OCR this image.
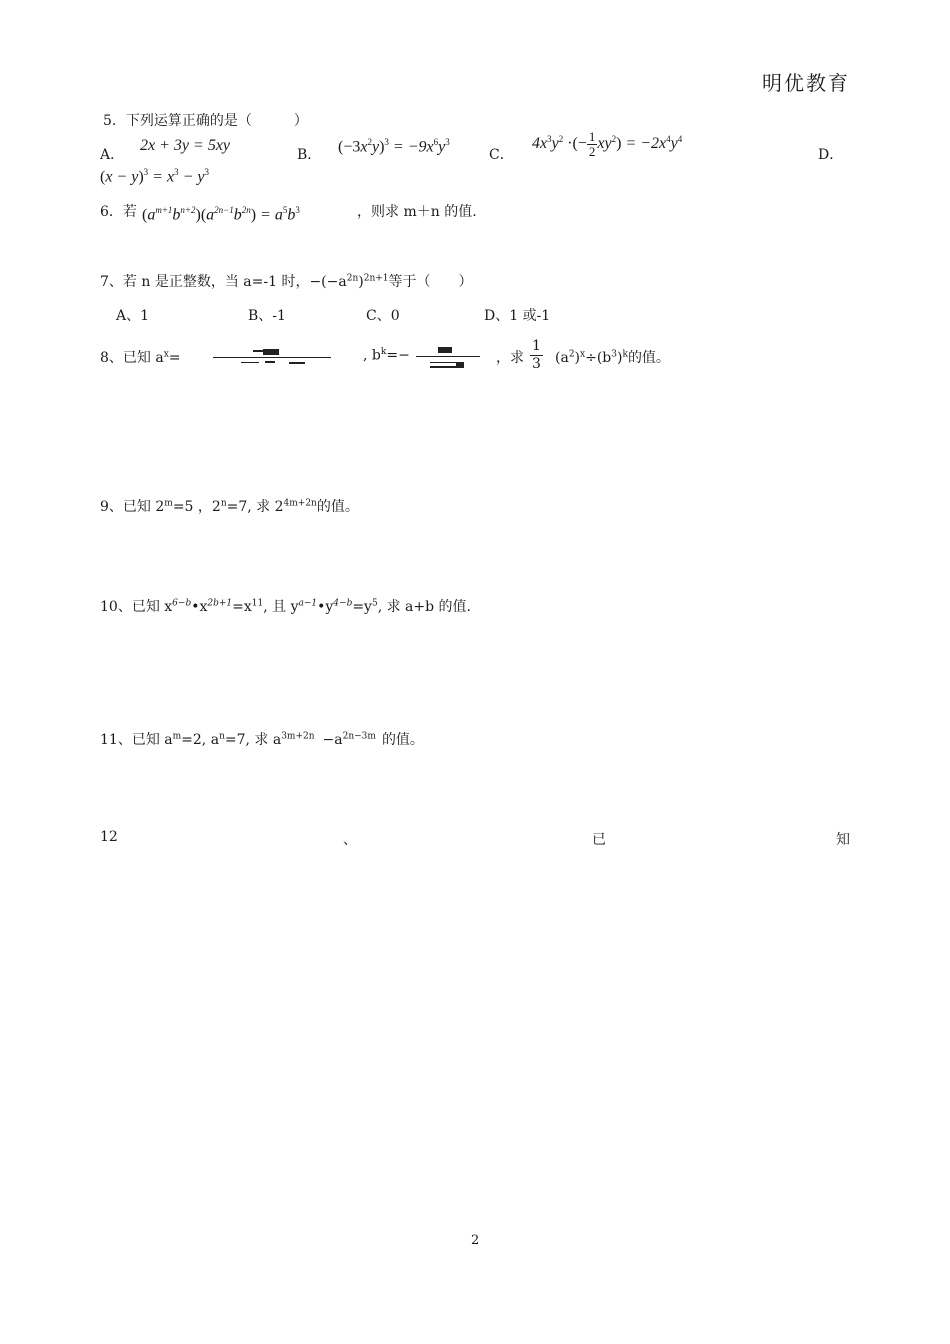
明优教育
5．下列运算正确的是（　　　）
A．
2x + 3y = 5xy
B． $(-3x^2y)^3 = -9x^6y^3$
C．
$4x^3y^2$ ·(− $\frac{1}{2} xy^2) = -2x^4y^4$
D．
$(x - y)^3 = x^3 - y^3$
6．若 $(a^{m+1}b^{n+2})(a^{2n-1}b^{2n}) = a^5b^3$	，则求 m＋n 的值.
7、若 n 是正整数，当 a=-1 时，$-(-a^{2n})^{2n+1}$等于（　　）
A、1	B、-1	C、0	D、1 或-1
8、已知 $a^x=$	, $b^k=-$	，求 $\frac{1}{3} (a^2)^x\div(b^3)^k$的值。
9、已知 $2^m=5$ ，$2^n=7$, 求 $2^{4m+2n}$的值。
10、已知 $x^{6-b}•x^{2b+1}=x^{11}$, 且 $y^{a-1}•y^{4-b}=y^5$, 求 a+b 的值.
11、已知 $a^m=2$, $a^n=7$, 求 $a^{3m+2n} -a^{2n-3m}$ 的值。
12	、	已	知
2
